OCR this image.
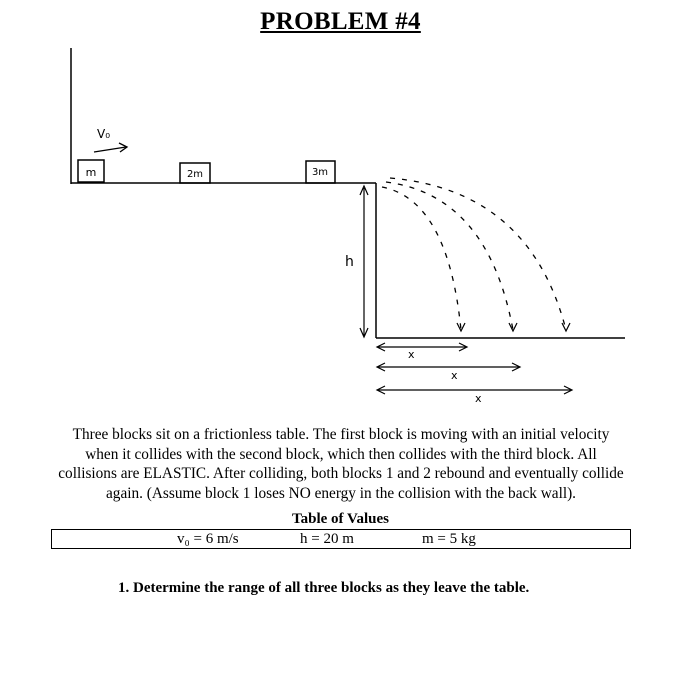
PROBLEM #4
m	2m	3m
V₀
h
x
x
x
Three blocks sit on a frictionless table. The first block is moving with an initial velocity when it collides with the second block, which then collides with the third block. All collisions are ELASTIC. After colliding, both blocks 1 and 2 rebound and eventually collide again. (Assume block 1 loses NO energy in the collision with the back wall).
Table of Values
v₀ = 6 m/s	h = 20 m	m = 5 kg
1. Determine the range of all three blocks as they leave the table.
